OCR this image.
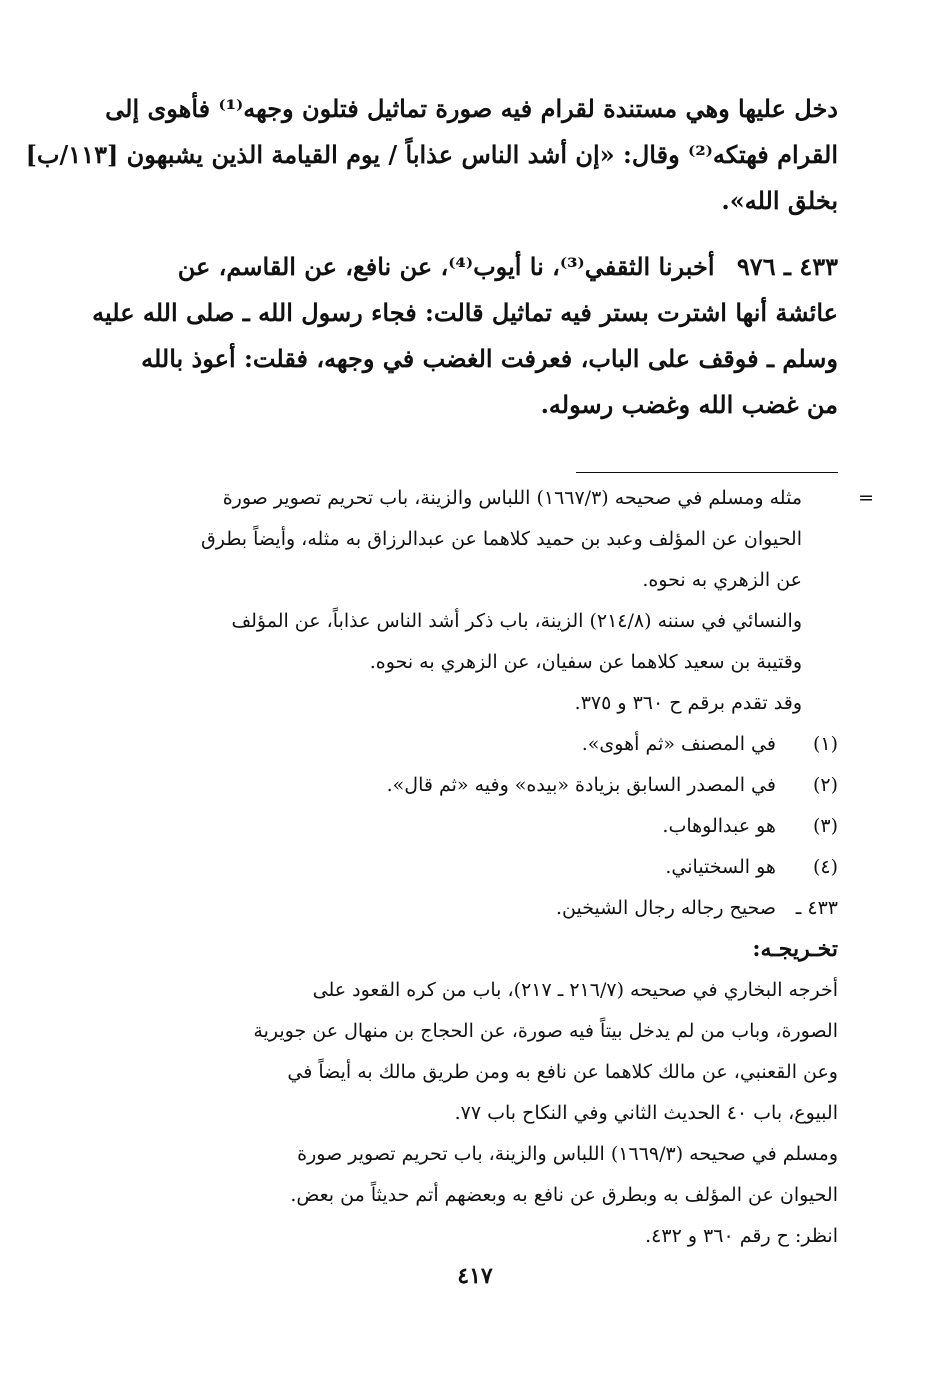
دخل عليها وهي مستندة لقرام فيه صورة تماثيل فتلون وجهه⁽¹⁾ فأهوى إلى
القرام فهتكه⁽²⁾ وقال: «إن أشد الناس عذاباً / يوم القيامة الذين يشبهون [١١٣/ب]
بخلق الله».
٤٣٣ ـ ٩٧٦ أخبرنا الثقفي⁽³⁾، نا أيوب⁽⁴⁾، عن نافع، عن القاسم، عن
عائشة أنها اشترت بستر فيه تماثيل قالت: فجاء رسول الله ـ صلى الله عليه
وسلم ـ فوقف على الباب، فعرفت الغضب في وجهه، فقلت: أعوذ بالله
من غضب الله وغضب رسوله.
=
مثله ومسلم في صحيحه (١٦٦٧/٣) اللباس والزينة، باب تحريم تصوير صورة
الحيوان عن المؤلف وعبد بن حميد كلاهما عن عبدالرزاق به مثله، وأيضاً بطرق
عن الزهري به نحوه.
والنسائي في سننه (٢١٤/٨) الزينة، باب ذكر أشد الناس عذاباً، عن المؤلف
وقتيبة بن سعيد كلاهما عن سفيان، عن الزهري به نحوه.
وقد تقدم برقم ح ٣٦٠ و ٣٧٥.
(١) في المصنف «ثم أهوى».
(٢) في المصدر السابق بزيادة «بيده» وفيه «ثم قال».
(٣) هو عبدالوهاب.
(٤) هو السختياني.
٤٣٣ ـ صحيح رجاله رجال الشيخين.
تخـريجـه:
أخرجه البخاري في صحيحه (٢١٦/٧ ـ ٢١٧)، باب من كره القعود على
الصورة، وباب من لم يدخل بيتاً فيه صورة، عن الحجاج بن منهال عن جويرية
وعن القعنبي، عن مالك كلاهما عن نافع به ومن طريق مالك به أيضاً في
البيوع، باب ٤٠ الحديث الثاني وفي النكاح باب ٧٧.
ومسلم في صحيحه (١٦٦٩/٣) اللباس والزينة، باب تحريم تصوير صورة
الحيوان عن المؤلف به وبطرق عن نافع به وبعضهم أتم حديثاً من بعض.
انظر: ح رقم ٣٦٠ و ٤٣٢.
٤١٧
